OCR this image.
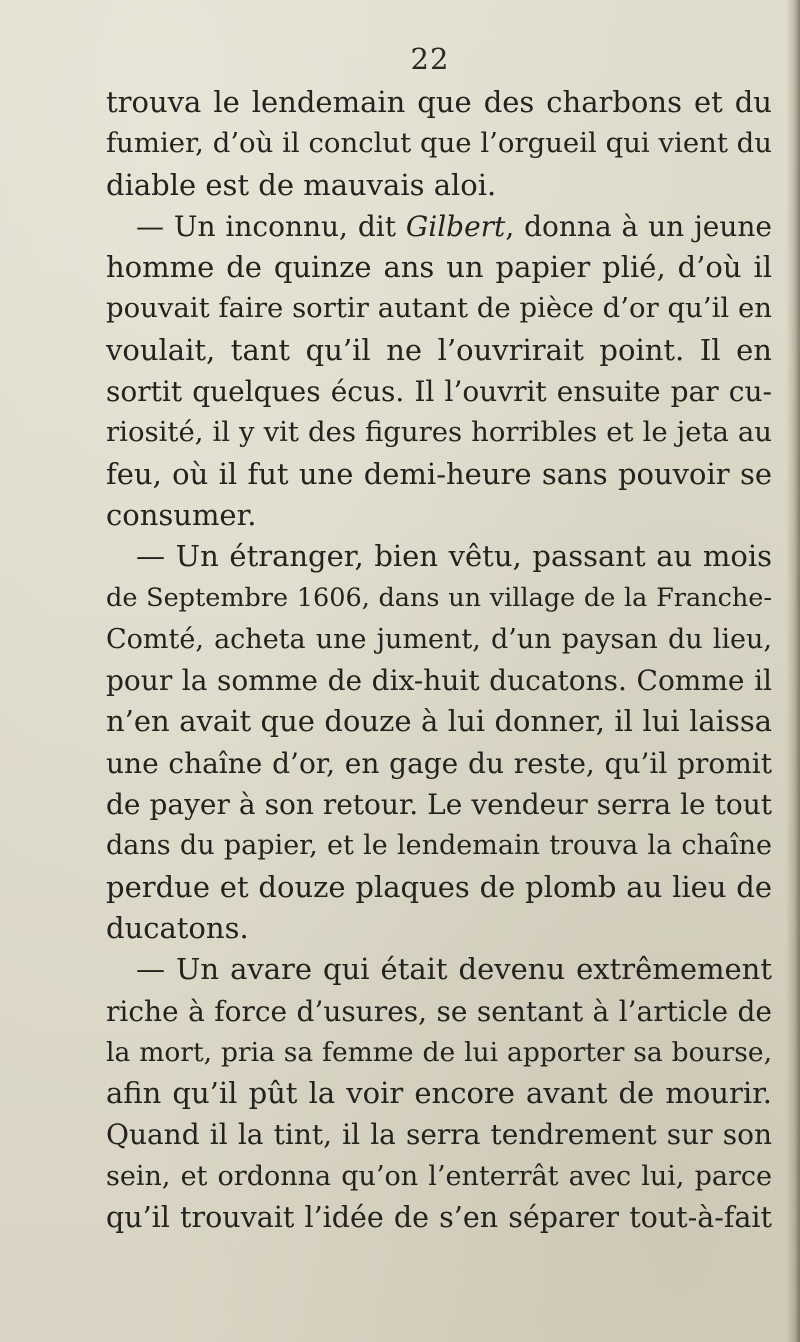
22

trouva le lendemain que des charbons et du
fumier, d’où il conclut que l’orgueil qui vient du
diable est de mauvais aloi.

— Un inconnu, dit Gilbert, donna à un jeune
homme de quinze ans un papier plié, d’où il
pouvait faire sortir autant de pièce d’or qu’il en
voulait, tant qu’il ne l’ouvrirait point. Il en
sortit quelques écus. Il l’ouvrit ensuite par cu-
riosité, il y vit des figures horribles et le jeta au
feu, où il fut une demi-heure sans pouvoir se
consumer.

— Un étranger, bien vêtu, passant au mois
de Septembre 1606, dans un village de la Franche-
Comté, acheta une jument, d’un paysan du lieu,
pour la somme de dix-huit ducatons. Comme il
n’en avait que douze à lui donner, il lui laissa
une chaîne d’or, en gage du reste, qu’il promit
de payer à son retour. Le vendeur serra le tout
dans du papier, et le lendemain trouva la chaîne
perdue et douze plaques de plomb au lieu de
ducatons.

— Un avare qui était devenu extrêmement
riche à force d’usures, se sentant à l’article de
la mort, pria sa femme de lui apporter sa bourse,
afin qu’il pût la voir encore avant de mourir.
Quand il la tint, il la serra tendrement sur son
sein, et ordonna qu’on l’enterrât avec lui, parce
qu’il trouvait l’idée de s’en séparer tout-à-fait
